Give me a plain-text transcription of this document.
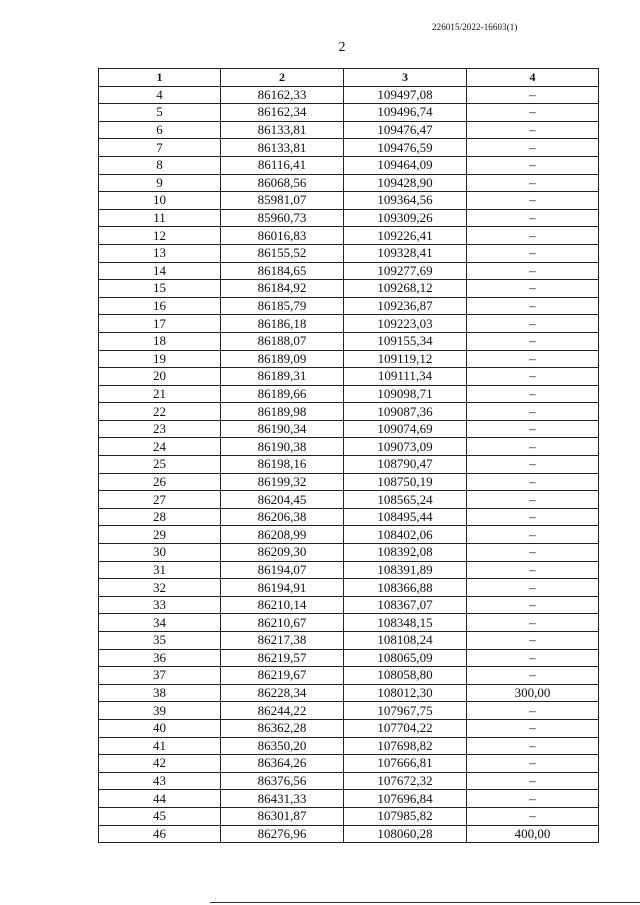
226015/2022-16603(1)
2
1	2	3	4
4	86162,33	109497,08	–
5	86162,34	109496,74	–
6	86133,81	109476,47	–
7	86133,81	109476,59	–
8	86116,41	109464,09	–
9	86068,56	109428,90	–
10	85981,07	109364,56	–
11	85960,73	109309,26	–
12	86016,83	109226,41	–
13	86155,52	109328,41	–
14	86184,65	109277,69	–
15	86184,92	109268,12	–
16	86185,79	109236,87	–
17	86186,18	109223,03	–
18	86188,07	109155,34	–
19	86189,09	109119,12	–
20	86189,31	109111,34	–
21	86189,66	109098,71	–
22	86189,98	109087,36	–
23	86190,34	109074,69	–
24	86190,38	109073,09	–
25	86198,16	108790,47	–
26	86199,32	108750,19	–
27	86204,45	108565,24	–
28	86206,38	108495,44	–
29	86208,99	108402,06	–
30	86209,30	108392,08	–
31	86194,07	108391,89	–
32	86194,91	108366,88	–
33	86210,14	108367,07	–
34	86210,67	108348,15	–
35	86217,38	108108,24	–
36	86219,57	108065,09	–
37	86219,67	108058,80	–
38	86228,34	108012,30	300,00
39	86244,22	107967,75	–
40	86362,28	107704,22	–
41	86350,20	107698,82	–
42	86364,26	107666,81	–
43	86376,56	107672,32	–
44	86431,33	107696,84	–
45	86301,87	107985,82	–
46	86276,96	108060,28	400,00
